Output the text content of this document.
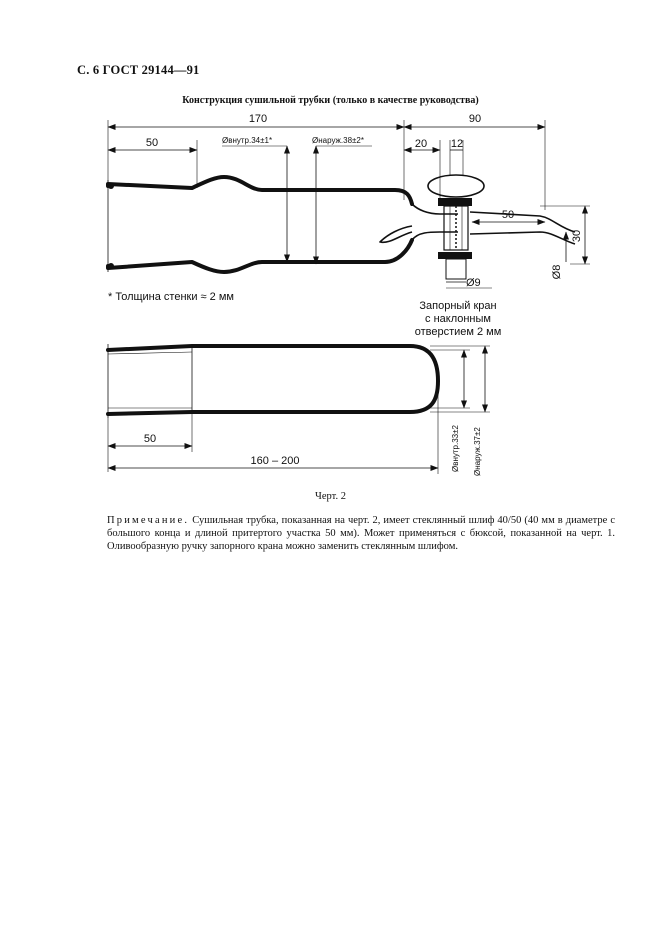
С. 6 ГОСТ 29144—91
Конструкция сушильной трубки (только в качестве руководства)
170	90
50	Øвнутр.34±1*	Øнаруж.38±2*	20 12
50
30
Ø8
Ø9
50
160 – 200	Øвнутр.33±2 Øнаруж.37±2
* Толщина стенки ≈ 2 мм
Запорный кран
с наклонным
отверстием 2 мм
Черт. 2
Примечание. Сушильная трубка, показанная на черт. 2, имеет стеклянный шлиф 40/50 (40 мм в диаметре с большого конца и длиной притертого участка 50 мм). Может применяться с бюксой, показанной на черт. 1. Оливообразную ручку запорного крана можно заменить стеклянным шлифом.
